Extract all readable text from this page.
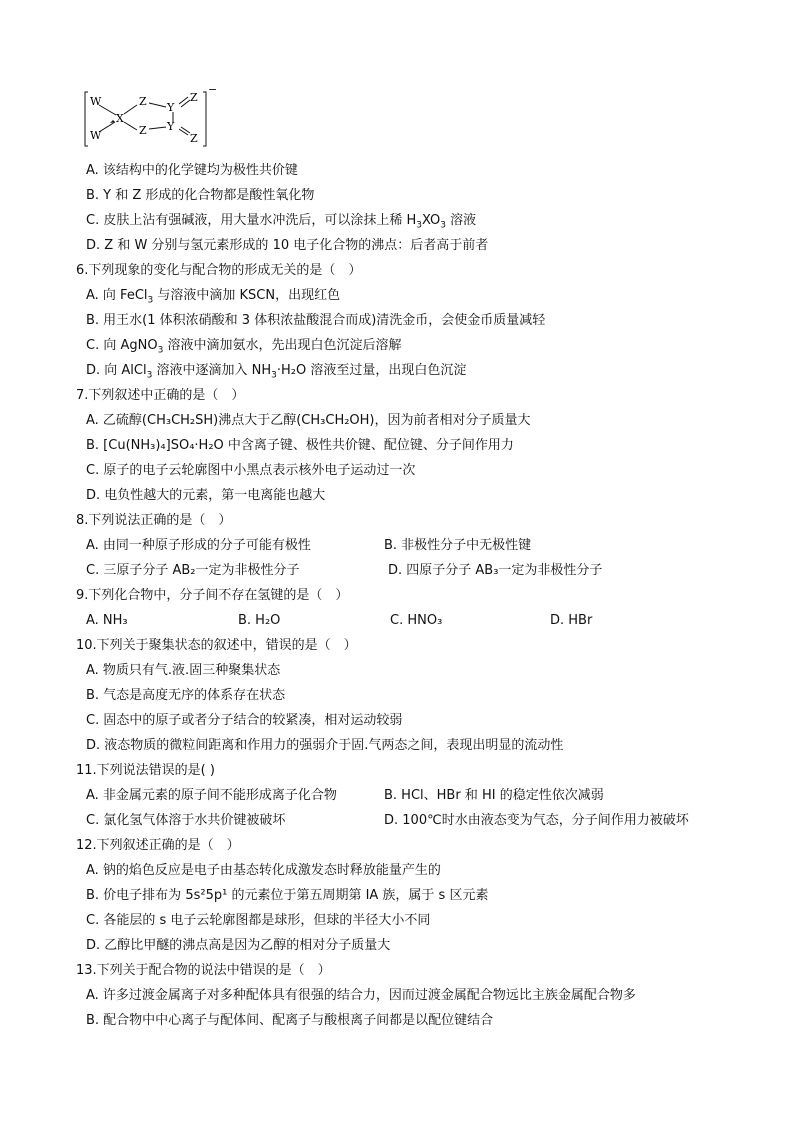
W
W
X
Z
Z
Y
Y
Z
Z
−
A. 该结构中的化学键均为极性共价键
B. Y 和 Z 形成的化合物都是酸性氧化物
C. 皮肤上沾有强碱液，用大量水冲洗后，可以涂抹上稀 $H_3XO_3$ 溶液
D. Z 和 W 分别与氢元素形成的 10 电子化合物的沸点：后者高于前者
6.下列现象的变化与配合物的形成无关的是（　）
A. 向 FeCl$_3$ 与溶液中滴加 KSCN，出现红色
B. 用王水(1 体积浓硝酸和 3 体积浓盐酸混合而成)清洗金币，会使金币质量减轻
C. 向 AgNO$_3$ 溶液中滴加氨水，先出现白色沉淀后溶解
D. 向 AlCl$_3$ 溶液中逐滴加入 $NH_3\cdot H_2O$ 溶液至过量，出现白色沉淀
7.下列叙述中正确的是（　）
A. 乙硫醇(CH₃CH₂SH)沸点大于乙醇(CH₃CH₂OH)，因为前者相对分子质量大
B. [Cu(NH₃)₄]SO₄·H₂O 中含离子键、极性共价键、配位键、分子间作用力
C. 原子的电子云轮廓图中小黑点表示核外电子运动过一次
D. 电负性越大的元素，第一电离能也越大
8.下列说法正确的是（　）
A. 由同一种原子形成的分子可能有极性	B. 非极性分子中无极性键
C. 三原子分子 AB₂一定为非极性分子	D. 四原子分子 AB₃一定为非极性分子
9.下列化合物中，分子间不存在氢键的是（　）
A. NH₃	B. H₂O	C. HNO₃	D. HBr
10.下列关于聚集状态的叙述中，错误的是（　）
A. 物质只有气.液.固三种聚集状态
B. 气态是高度无序的体系存在状态
C. 固态中的原子或者分子结合的较紧凑，相对运动较弱
D. 液态物质的微粒间距离和作用力的强弱介于固.气两态之间，表现出明显的流动性
11.下列说法错误的是( )
A. 非金属元素的原子间不能形成离子化合物	B. HCl、HBr 和 HI 的稳定性依次减弱
C. 氯化氢气体溶于水共价键被破坏	D. 100℃时水由液态变为气态，分子间作用力被破坏
12.下列叙述正确的是（　）
A. 钠的焰色反应是电子由基态转化成激发态时释放能量产生的
B. 价电子排布为 5s²5p¹ 的元素位于第五周期第 ⅠA 族，属于 s 区元素
C. 各能层的 s 电子云轮廓图都是球形，但球的半径大小不同
D. 乙醇比甲醚的沸点高是因为乙醇的相对分子质量大
13.下列关于配合物的说法中错误的是（　）
A. 许多过渡金属离子对多种配体具有很强的结合力，因而过渡金属配合物远比主族金属配合物多
B. 配合物中中心离子与配体间、配离子与酸根离子间都是以配位键结合
